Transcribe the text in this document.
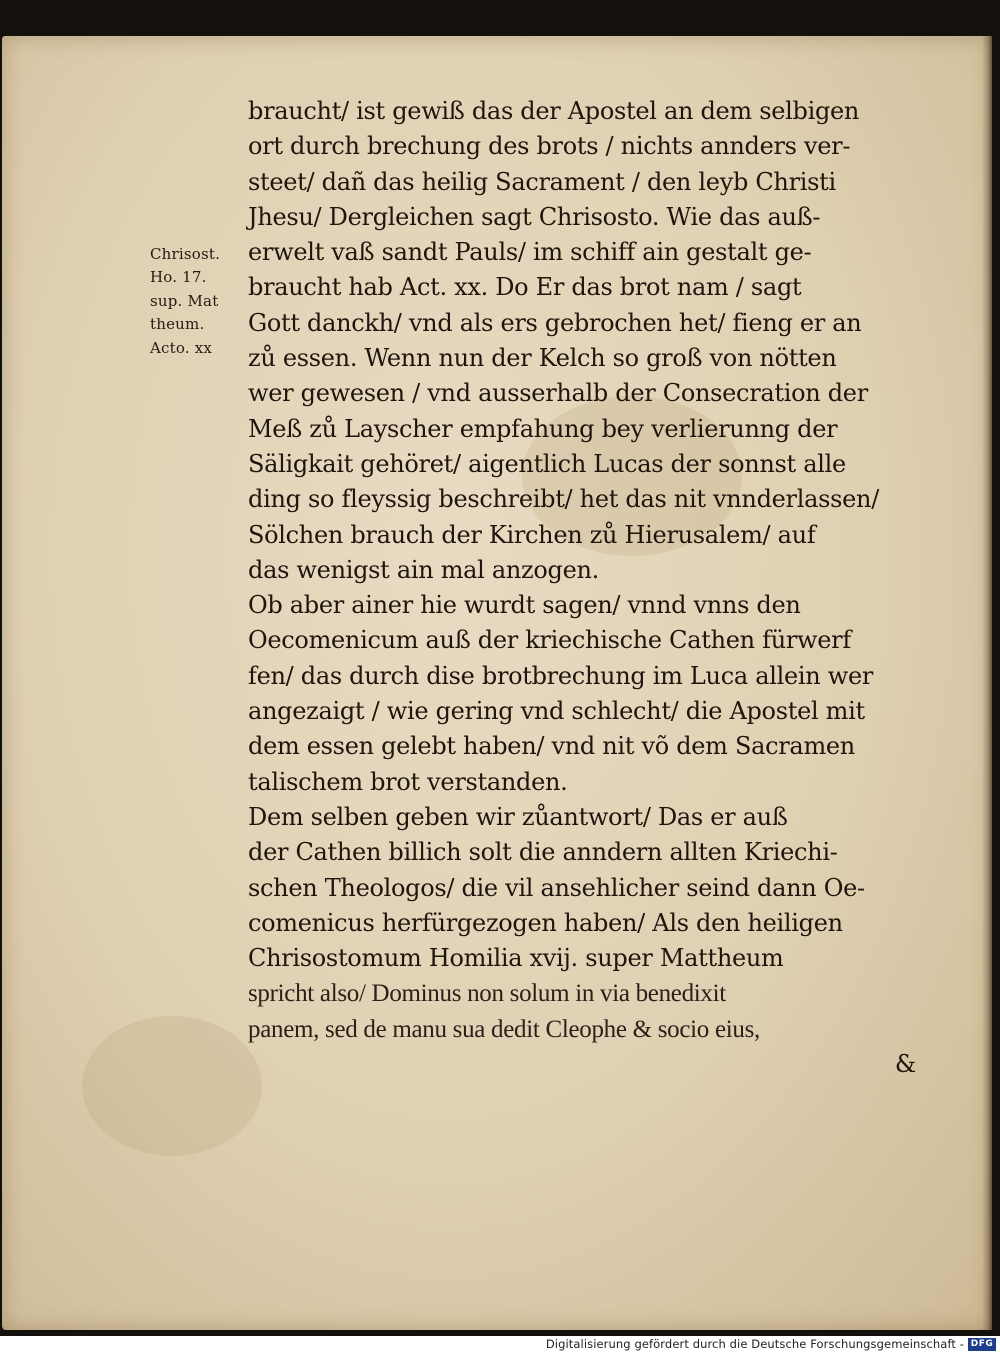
Chrisost.
Ho. 17.
sup. Mat
theum.
Acto. xx
braucht/ ist gewiß das der Apostel an dem selbigen
ort durch brechung des brots / nichts annders ver-
steet/ dañ das heilig Sacrament / den leyb Christi
Jhesu/ Dergleichen sagt Chrisosto. Wie das auß-
erwelt vaß sandt Pauls/ im schiff ain gestalt ge-
braucht hab Act. xx. Do Er das brot nam / sagt
Gott danckh/ vnd als ers gebrochen het/ fieng er an
zů essen. Wenn nun der Kelch so groß von nötten
wer gewesen / vnd ausserhalb der Consecration der
Meß zů Layscher empfahung bey verlierunng der
Säligkait gehöret/ aigentlich Lucas der sonnst alle
ding so fleyssig beschreibt/ het das nit vnnderlassen/
Sölchen brauch der Kirchen zů Hierusalem/ auf
das wenigst ain mal anzogen.
Ob aber ainer hie wurdt sagen/ vnnd vnns den
Oecomenicum auß der kriechische Cathen fürwerf
fen/ das durch dise brotbrechung im Luca allein wer
angezaigt / wie gering vnd schlecht/ die Apostel mit
dem essen gelebt haben/ vnd nit võ dem Sacramen
talischem brot verstanden.
Dem selben geben wir zůantwort/ Das er auß
der Cathen billich solt die anndern allten Kriechi-
schen Theologos/ die vil ansehlicher seind dann Oe-
comenicus herfürgezogen haben/ Als den heiligen
Chrisostomum Homilia xvij. super Mattheum
spricht also/ Dominus non solum in via benedixit
panem, sed de manu sua dedit Cleophe & socio eius,
&
Digitalisierung gefördert durch die Deutsche Forschungsgemeinschaft - DFG
